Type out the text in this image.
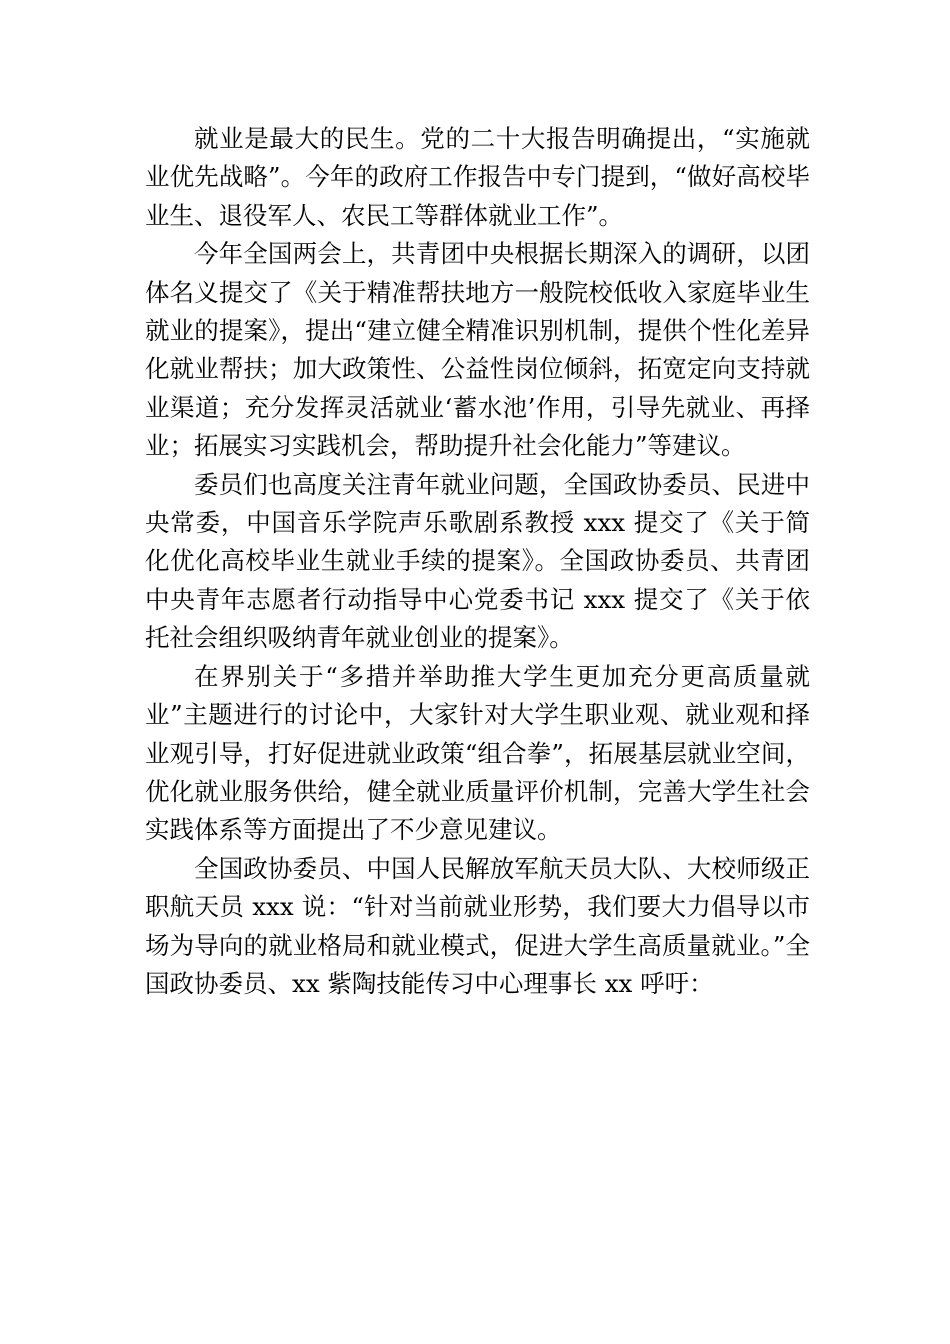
就业是最大的民生。党的二十大报告明确提出，“实施就业优先战略”。今年的政府工作报告中专门提到，“做好高校毕业生、退役军人、农民工等群体就业工作”。

今年全国两会上，共青团中央根据长期深入的调研，以团体名义提交了《关于精准帮扶地方一般院校低收入家庭毕业生就业的提案》，提出“建立健全精准识别机制，提供个性化差异化就业帮扶；加大政策性、公益性岗位倾斜，拓宽定向支持就业渠道；充分发挥灵活就业‘蓄水池’作用，引导先就业、再择业；拓展实习实践机会，帮助提升社会化能力”等建议。

委员们也高度关注青年就业问题，全国政协委员、民进中央常委，中国音乐学院声乐歌剧系教授 xxx 提交了《关于简化优化高校毕业生就业手续的提案》。全国政协委员、共青团中央青年志愿者行动指导中心党委书记 xxx 提交了《关于依托社会组织吸纳青年就业创业的提案》。

在界别关于“多措并举助推大学生更加充分更高质量就业”主题进行的讨论中，大家针对大学生职业观、就业观和择业观引导，打好促进就业政策“组合拳”，拓展基层就业空间，优化就业服务供给，健全就业质量评价机制，完善大学生社会实践体系等方面提出了不少意见建议。

全国政协委员、中国人民解放军航天员大队、大校师级正职航天员 xxx 说：“针对当前就业形势，我们要大力倡导以市场为导向的就业格局和就业模式，促进大学生高质量就业。”全国政协委员、xx 紫陶技能传习中心理事长 xx 呼吁：
